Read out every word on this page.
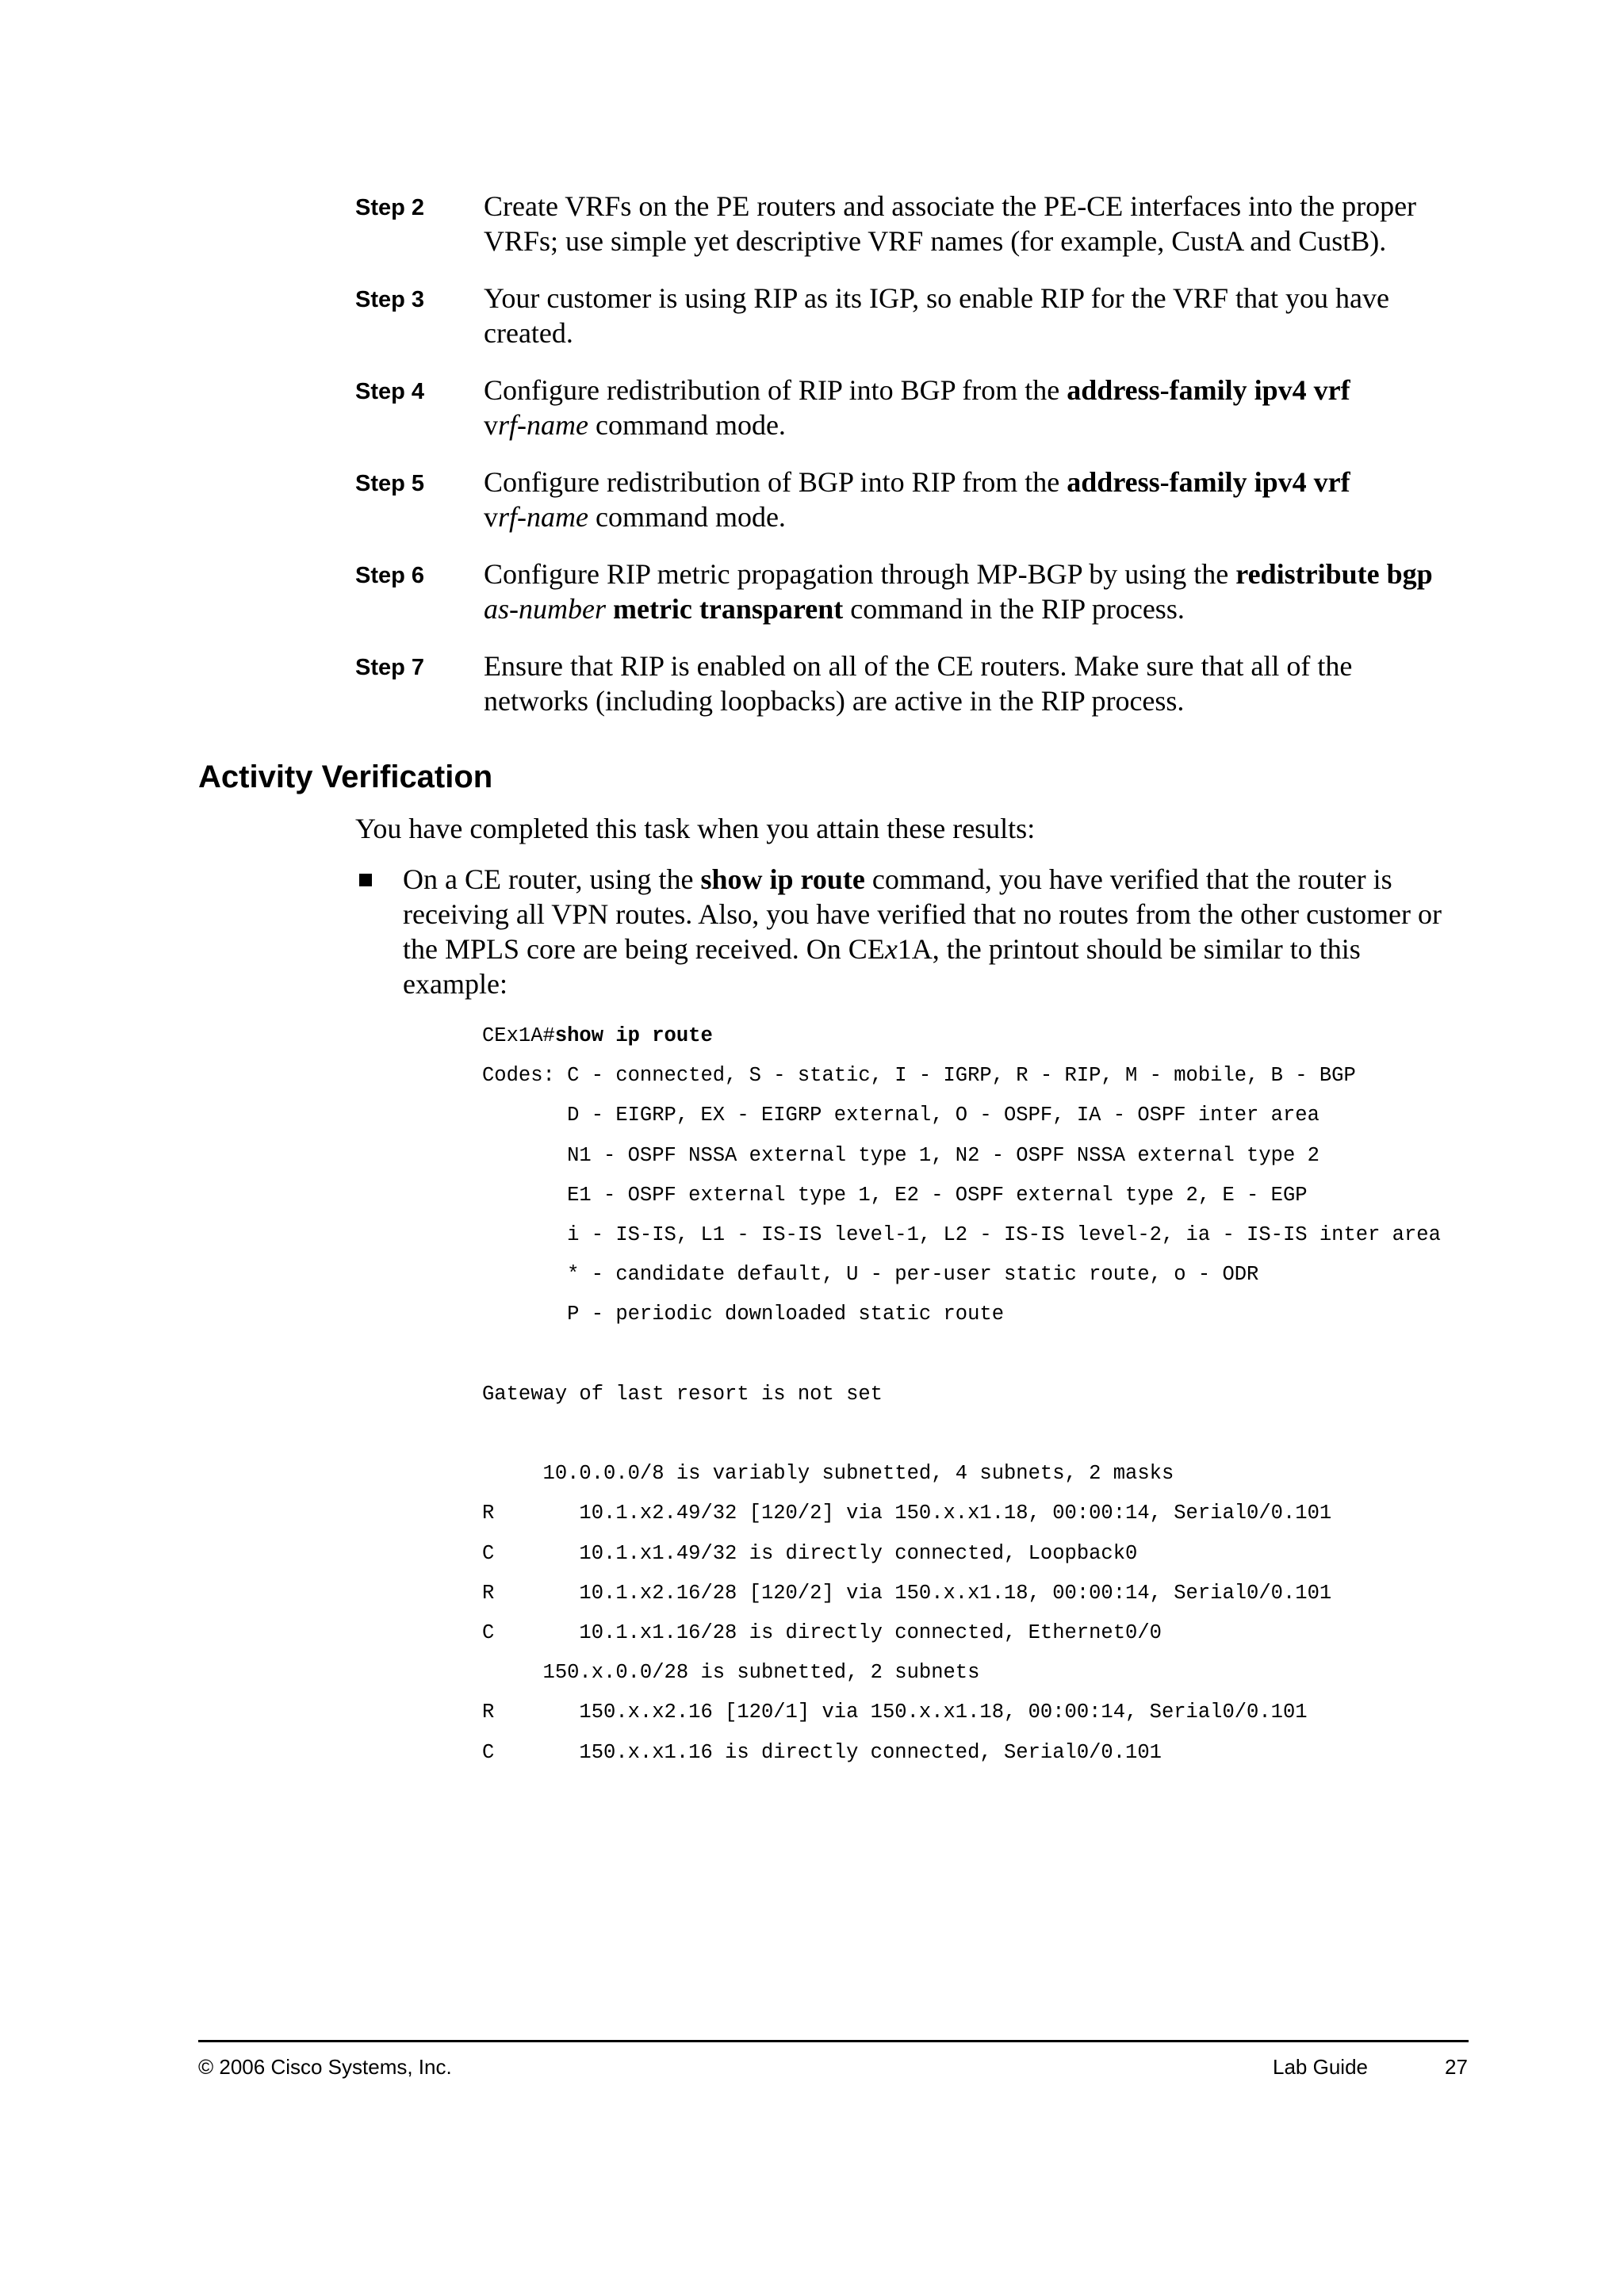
Step 2	Create VRFs on the PE routers and associate the PE-CE interfaces into the proper
VRFs; use simple yet descriptive VRF names (for example, CustA and CustB).
Step 3	Your customer is using RIP as its IGP, so enable RIP for the VRF that you have
created.
Step 4	Configure redistribution of RIP into BGP from the address-family ipv4 vrf
vrf-name command mode.
Step 5	Configure redistribution of BGP into RIP from the address-family ipv4 vrf
vrf-name command mode.
Step 6	Configure RIP metric propagation through MP-BGP by using the redistribute bgp
as-number metric transparent command in the RIP process.
Step 7	Ensure that RIP is enabled on all of the CE routers. Make sure that all of the
networks (including loopbacks) are active in the RIP process.
Activity Verification
You have completed this task when you attain these results:
On a CE router, using the show ip route command, you have verified that the router is
receiving all VPN routes. Also, you have verified that no routes from the other customer or
the MPLS core are being received. On CEx1A, the printout should be similar to this
example:
CEx1A#show ip route
Codes: C - connected, S - static, I - IGRP, R - RIP, M - mobile, B - BGP
D - EIGRP, EX - EIGRP external, O - OSPF, IA - OSPF inter area
N1 - OSPF NSSA external type 1, N2 - OSPF NSSA external type 2
E1 - OSPF external type 1, E2 - OSPF external type 2, E - EGP
i - IS-IS, L1 - IS-IS level-1, L2 - IS-IS level-2, ia - IS-IS inter area
* - candidate default, U - per-user static route, o - ODR
P - periodic downloaded static route

Gateway of last resort is not set

10.0.0.0/8 is variably subnetted, 4 subnets, 2 masks
R       10.1.x2.49/32 [120/2] via 150.x.x1.18, 00:00:14, Serial0/0.101
C       10.1.x1.49/32 is directly connected, Loopback0
R       10.1.x2.16/28 [120/2] via 150.x.x1.18, 00:00:14, Serial0/0.101
C       10.1.x1.16/28 is directly connected, Ethernet0/0
150.x.0.0/28 is subnetted, 2 subnets
R       150.x.x2.16 [120/1] via 150.x.x1.18, 00:00:14, Serial0/0.101
C       150.x.x1.16 is directly connected, Serial0/0.101
© 2006 Cisco Systems, Inc.	Lab Guide	27
